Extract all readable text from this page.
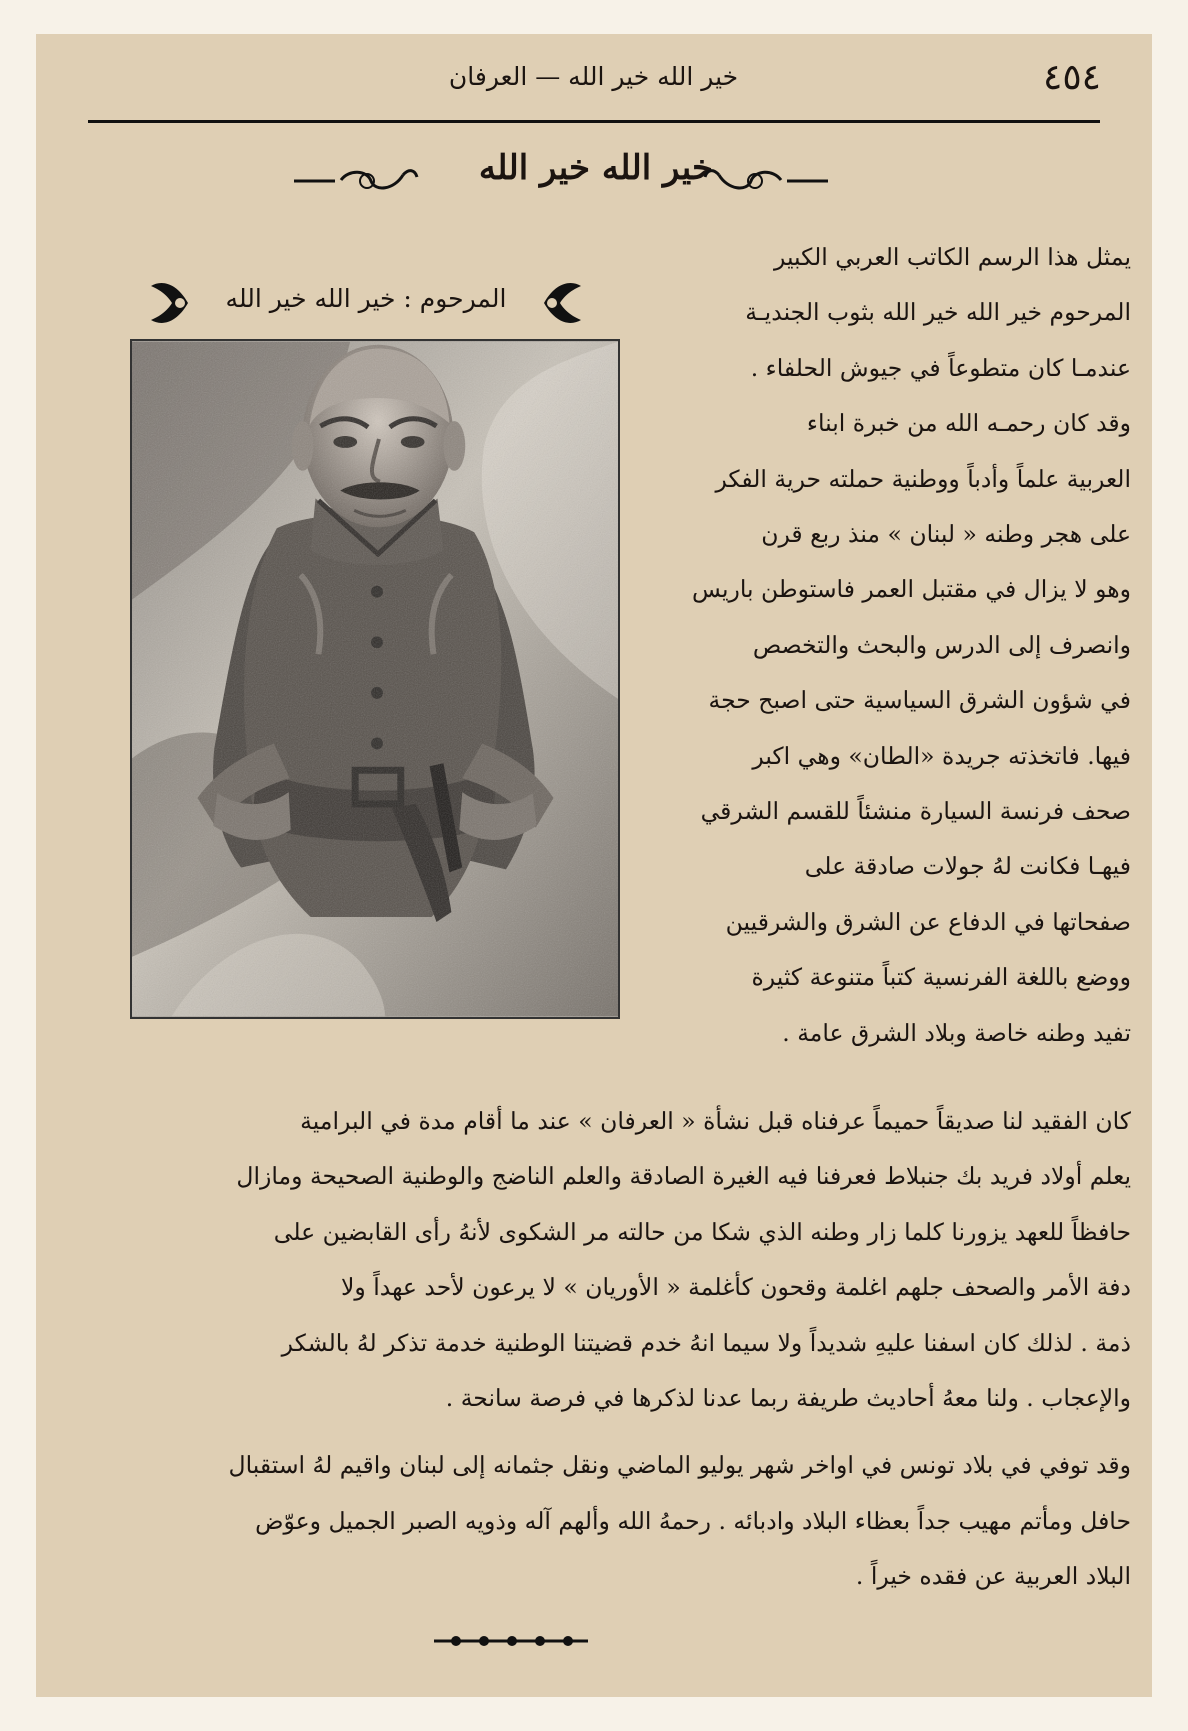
٤٥٤
خير الله خير الله — العرفان
خير الله خير الله

يمثل هذا الرسم الكاتب العربي الكبير

المرحوم خير الله خير الله بثوب الجنديـة

عندمـا كان متطوعاً في جيوش الحلفاء .

وقد كان رحمـه الله من خبرة ابناء

العربية علماً وأدباً ووطنية حملته حرية الفكر

على هجر وطنه « لبنان » منذ ربع قرن

وهو لا يزال في مقتبل العمر فاستوطن باريس

وانصرف إلى الدرس والبحث والتخصص

في شؤون الشرق السياسية حتى اصبح حجة

فيها. فاتخذته جريدة «الطان» وهي اكبر

صحف فرنسة السيارة منشئاً للقسم الشرقي

فيهـا فكانت لهُ جولات صادقة على

صفحاتها في الدفاع عن الشرق والشرقيين

ووضع باللغة الفرنسية كتباً متنوعة كثيرة

تفيد وطنه خاصة وبلاد الشرق عامة .

المرحوم : خير الله خير الله

كان الفقيد لنا صديقاً حميماً عرفناه قبل نشأة « العرفان » عند ما أقام مدة في البرامية

يعلم أولاد فريد بك جنبلاط فعرفنا فيه الغيرة الصادقة والعلم الناضج والوطنية الصحيحة ومازال

حافظاً للعهد يزورنا كلما زار وطنه الذي شكا من حالته مر الشكوى لأنهُ رأى القابضين على

دفة الأمر والصحف جلهم اغلمة وقحون كأغلمة « الأوريان » لا يرعون لأحد عهداً ولا

ذمة . لذلك كان اسفنا عليهِ شديداً ولا سيما انهُ خدم قضيتنا الوطنية خدمة تذكر لهُ بالشكر

والإعجاب . ولنا معهُ أحاديث طريفة ربما عدنا لذكرها في فرصة سانحة .

وقد توفي في بلاد تونس في اواخر شهر يوليو الماضي ونقل جثمانه إلى لبنان واقيم لهُ استقبال

حافل ومأتم مهيب جداً بعظاء البلاد وادبائه . رحمهُ الله وألهم آله وذويه الصبر الجميل وعوّض

البلاد العربية عن فقده خيراً .
